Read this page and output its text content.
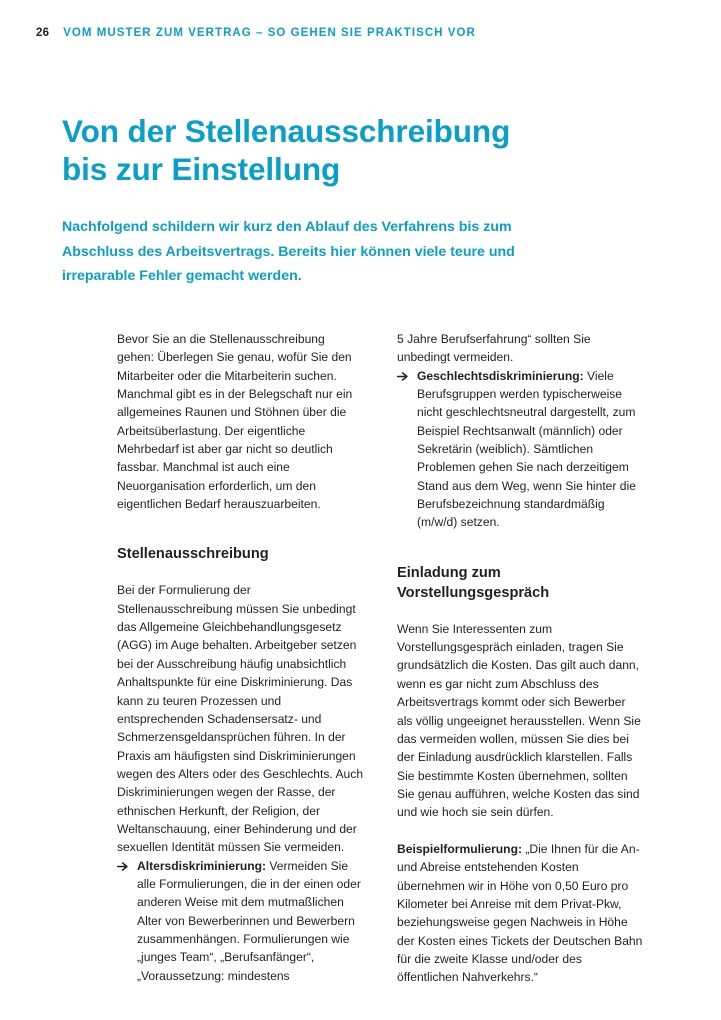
26 VOM MUSTER ZUM VERTRAG – SO GEHEN SIE PRAKTISCH VOR
Von der Stellenausschreibung
bis zur Einstellung

Nachfolgend schildern wir kurz den Ablauf des Verfahrens bis zum Abschluss des Arbeitsvertrags. Bereits hier können viele teure und irreparable Fehler gemacht werden.

Bevor Sie an die Stellenausschreibung gehen: Überlegen Sie genau, wofür Sie den Mitarbeiter oder die Mitarbeiterin suchen. Manchmal gibt es in der Belegschaft nur ein allgemeines Raunen und Stöhnen über die Arbeitsüberlastung. Der eigentliche Mehrbedarf ist aber gar nicht so deutlich fassbar. Manchmal ist auch eine Neuorganisation erforderlich, um den eigentlichen Bedarf herauszuarbeiten.

Stellenausschreibung

Bei der Formulierung der Stellenausschreibung müssen Sie unbedingt das Allgemeine Gleichbehandlungsgesetz (AGG) im Auge behalten. Arbeitgeber setzen bei der Ausschreibung häufig unabsichtlich Anhaltspunkte für eine Diskriminierung. Das kann zu teuren Prozessen und entsprechenden Schadensersatz- und Schmerzensgeldansprüchen führen. In der Praxis am häufigsten sind Diskriminierungen wegen des Alters oder des Geschlechts. Auch Diskriminierungen wegen der Rasse, der ethnischen Herkunft, der Religion, der Weltanschauung, einer Behinderung und der sexuellen Identität müssen Sie vermeiden.

Altersdiskriminierung: Vermeiden Sie alle Formulierungen, die in der einen oder anderen Weise mit dem mutmaßlichen Alter von Bewerberinnen und Bewerbern zusammenhängen. Formulierungen wie „junges Team“, „Berufsanfänger“, „Voraussetzung: mindestens

5 Jahre Berufserfahrung“ sollten Sie unbedingt vermeiden.

Geschlechtsdiskriminierung: Viele Berufsgruppen werden typischerweise nicht geschlechtsneutral dargestellt, zum Beispiel Rechtsanwalt (männlich) oder Sekretärin (weiblich). Sämtlichen Problemen gehen Sie nach derzeitigem Stand aus dem Weg, wenn Sie hinter die Berufsbezeichnung standardmäßig (m/w/d) setzen.
Einladung zum Vorstellungsgespräch

Wenn Sie Interessenten zum Vorstellungsgespräch einladen, tragen Sie grundsätzlich die Kosten. Das gilt auch dann, wenn es gar nicht zum Abschluss des Arbeitsvertrags kommt oder sich Bewerber als völlig ungeeignet herausstellen. Wenn Sie das vermeiden wollen, müssen Sie dies bei der Einladung ausdrücklich klarstellen. Falls Sie bestimmte Kosten übernehmen, sollten Sie genau aufführen, welche Kosten das sind und wie hoch sie sein dürfen.

Beispielformulierung: „Die Ihnen für die An- und Abreise entstehenden Kosten übernehmen wir in Höhe von 0,50 Euro pro Kilometer bei Anreise mit dem Privat-Pkw, beziehungsweise gegen Nachweis in Höhe der Kosten eines Tickets der Deutschen Bahn für die zweite Klasse und/oder des öffentlichen Nahverkehrs.“
